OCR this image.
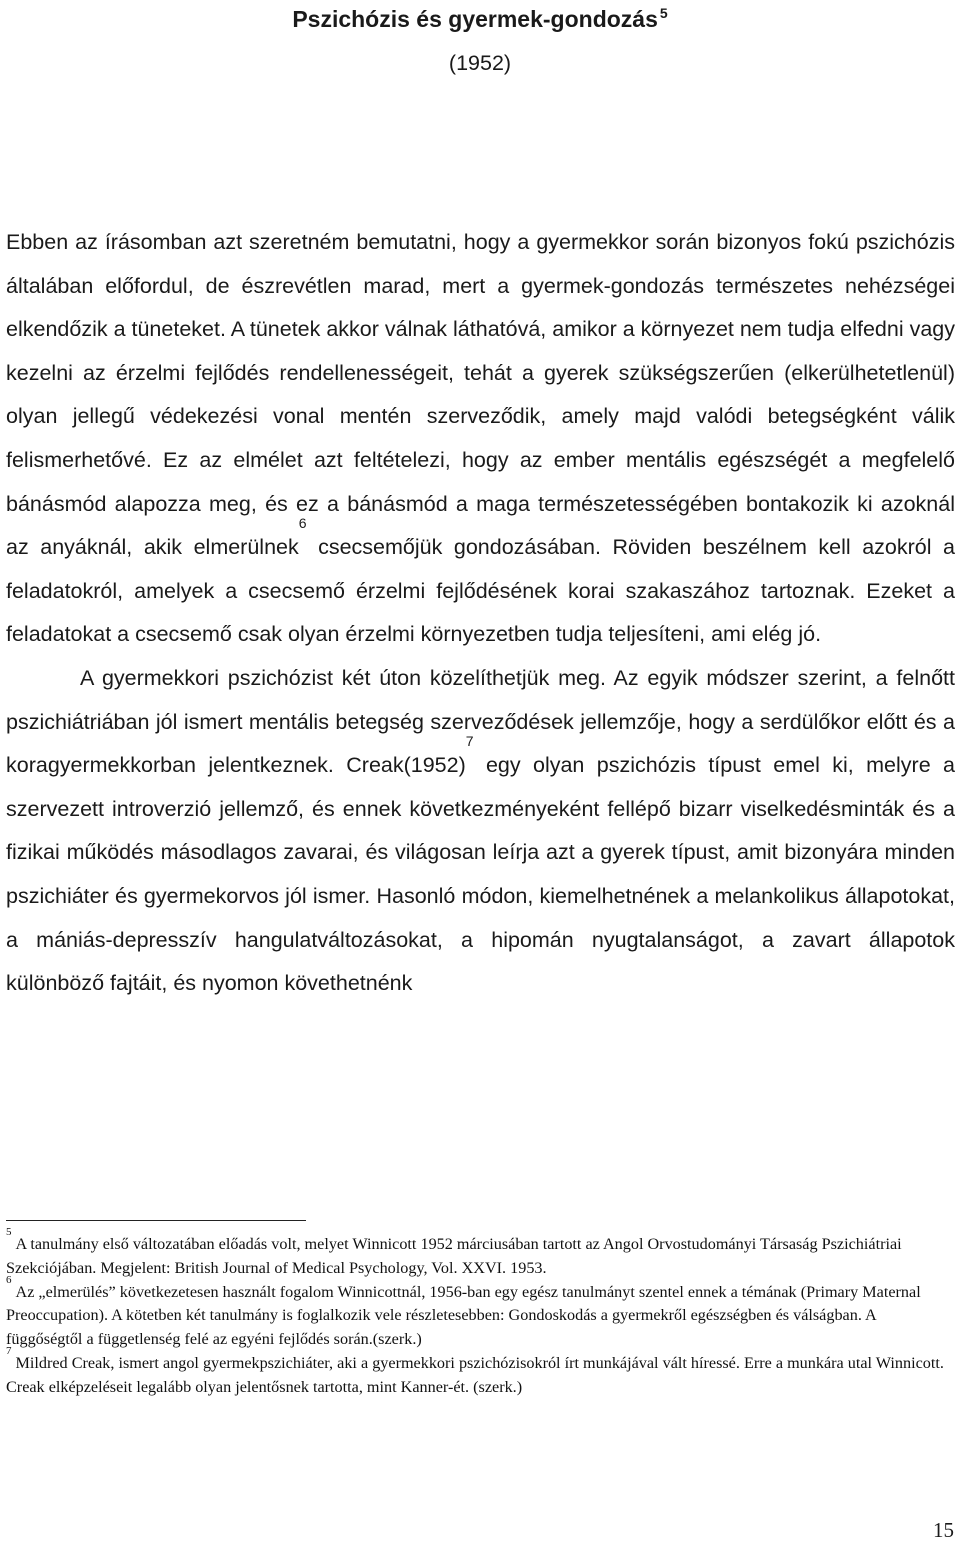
Pszichózis és gyermek-gondozás $^5$
(1952)

Ebben az írásomban azt szeretném bemutatni, hogy a gyermekkor során bizonyos fokú pszichózis általában előfordul, de észrevétlen marad, mert a gyermek-gondozás természetes nehézségei elkendőzik a tüneteket. A tünetek akkor válnak láthatóvá, amikor a környezet nem tudja elfedni vagy kezelni az érzelmi fejlődés rendellenességeit, tehát a gyerek szükségszerűen (elkerülhetetlenül) olyan jellegű védekezési vonal mentén szerveződik, amely majd valódi betegségként válik felismerhetővé. Ez az elmélet azt feltételezi, hogy az ember mentális egészségét a megfelelő bánásmód alapozza meg, és ez a bánásmód a maga természetességében bontakozik ki azoknál az anyáknál, akik elmerülnek$^6$ csecsemőjük gondozásában. Röviden beszélnem kell azokról a feladatokról, amelyek a csecsemő érzelmi fejlődésének korai szakaszához tartoznak. Ezeket a feladatokat a csecsemő csak olyan érzelmi környezetben tudja teljesíteni, ami elég jó.

A gyermekkori pszichózist két úton közelíthetjük meg. Az egyik módszer szerint, a felnőtt pszichiátriában jól ismert mentális betegség szerveződések jellemzője, hogy a serdülőkor előtt és a koragyermekkorban jelentkeznek. $Creak(1952)^7$ egy olyan pszichózis típust emel ki, melyre a szervezett introverzió jellemző, és ennek következményeként fellépő bizarr viselkedésminták és a fizikai működés másodlagos zavarai, és világosan leírja azt a gyerek típust, amit bizonyára minden pszichiáter és gyermekorvos jól ismer. Hasonló módon, kiemelhetnének a melankolikus állapotokat, a mániás-depresszív hangulatváltozásokat, a hipomán nyugtalanságot, a zavart állapotok különböző fajtáit, és nyomon követhetnénk

$^5$A tanulmány első változatában előadás volt, melyet Winnicott 1952 márciusában tartott az Angol Orvostudományi Társaság Pszichiátriai Szekciójában. Megjelent: British Journal of Medical Psychology, Vol. XXVI. 1953.

$^6$Az „elmerülés” következetesen használt fogalom Winnicottnál, 1956-ban egy egész tanulmányt szentel ennek a témának (Primary Maternal Preoccupation). A kötetben két tanulmány is foglalkozik vele részletesebben: Gondoskodás a gyermekről egészségben és válságban. A függőségtől a függetlenség felé az egyéni fejlődés során.(szerk.)

$^7$Mildred Creak, ismert angol gyermekpszichiáter, aki a gyermekkori pszichózisokról írt munkájával vált híressé. Erre a munkára utal Winnicott. Creak elképzeléseit legalább olyan jelentősnek tartotta, mint Kanner-ét. (szerk.)

15
